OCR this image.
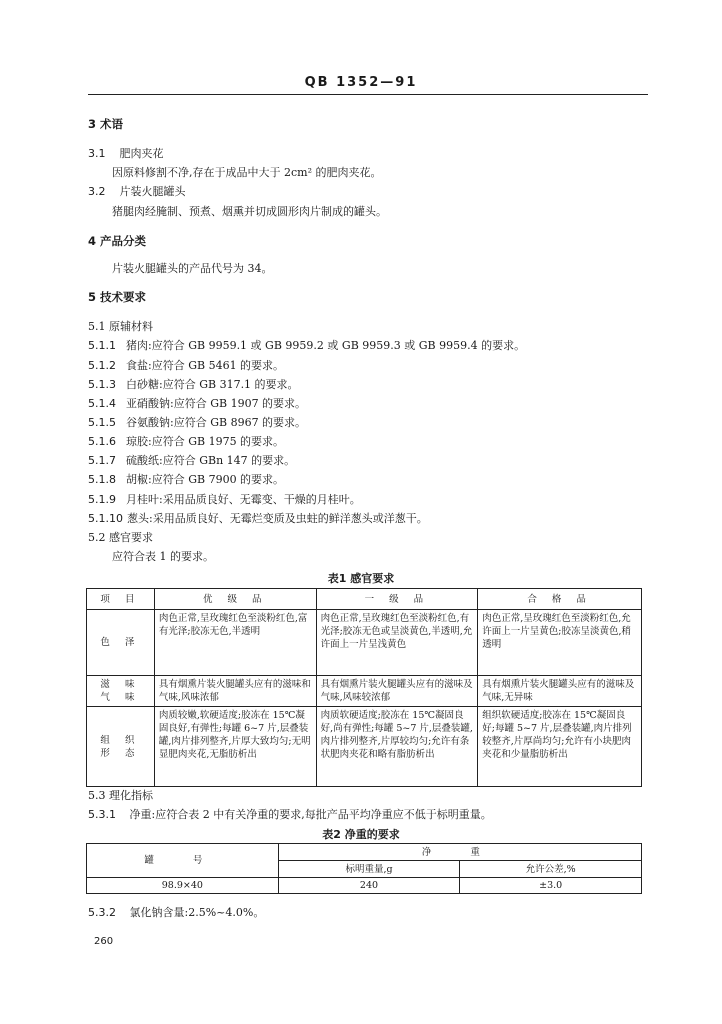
QB 1352—91
3 术语
3.1 肥肉夹花
因原料修割不净,存在于成品中大于 2cm² 的肥肉夹花。
3.2 片装火腿罐头
猪腿肉经腌制、预煮、烟熏并切成圆形肉片制成的罐头。
4 产品分类
片装火腿罐头的产品代号为 34。
5 技术要求
5.1 原辅材料
5.1.1 猪肉:应符合 GB 9959.1 或 GB 9959.2 或 GB 9959.3 或 GB 9959.4 的要求。
5.1.2 食盐:应符合 GB 5461 的要求。
5.1.3 白砂糖:应符合 GB 317.1 的要求。
5.1.4 亚硝酸钠:应符合 GB 1907 的要求。
5.1.5 谷氨酸钠:应符合 GB 8967 的要求。
5.1.6 琼胶:应符合 GB 1975 的要求。
5.1.7 硫酸纸:应符合 GBn 147 的要求。
5.1.8 胡椒:应符合 GB 7900 的要求。
5.1.9 月桂叶:采用品质良好、无霉变、干燥的月桂叶。
5.1.10 葱头:采用品质良好、无霉烂变质及虫蛀的鲜洋葱头或洋葱干。
5.2 感官要求
应符合表 1 的要求。
表1 感官要求
项 目	优 级 品	一 级 品	合 格 品
色 泽	肉色正常,呈玫瑰红色至淡粉红色,富有光泽;胶冻无色,半透明	肉色正常,呈玫瑰红色至淡粉红色,有光泽;胶冻无色或呈淡黄色,半透明,允许面上一片呈浅黄色	肉色正常,呈玫瑰红色至淡粉红色,允许面上一片呈黄色;胶冻呈淡黄色,稍透明
滋 味 气 味	具有烟熏片装火腿罐头应有的滋味和气味,风味浓郁	具有烟熏片装火腿罐头应有的滋味及气味,风味较浓郁	具有烟熏片装火腿罐头应有的滋味及气味,无异味
组 织 形 态	肉质较嫩,软硬适度;胶冻在 15℃凝固良好,有弹性;每罐 6~7 片,层叠装罐,肉片排列整齐,片厚大致均匀;无明显肥肉夹花,无脂肪析出	肉质软硬适度;胶冻在 15℃凝固良好,尚有弹性;每罐 5~7 片,层叠装罐,肉片排列整齐,片厚较均匀;允许有条状肥肉夹花和略有脂肪析出	组织软硬适度;胶冻在 15℃凝固良好;每罐 5~7 片,层叠装罐,肉片排列较整齐,片厚尚均匀;允许有小块肥肉夹花和少量脂肪析出
5.3 理化指标
5.3.1 净重:应符合表 2 中有关净重的要求,每批产品平均净重应不低于标明重量。
表2 净重的要求
罐 号	净 重	
	标明重量,g	允许公差,%
98.9×40	240	±3.0
5.3.2 氯化钠含量:2.5%~4.0%。
260
